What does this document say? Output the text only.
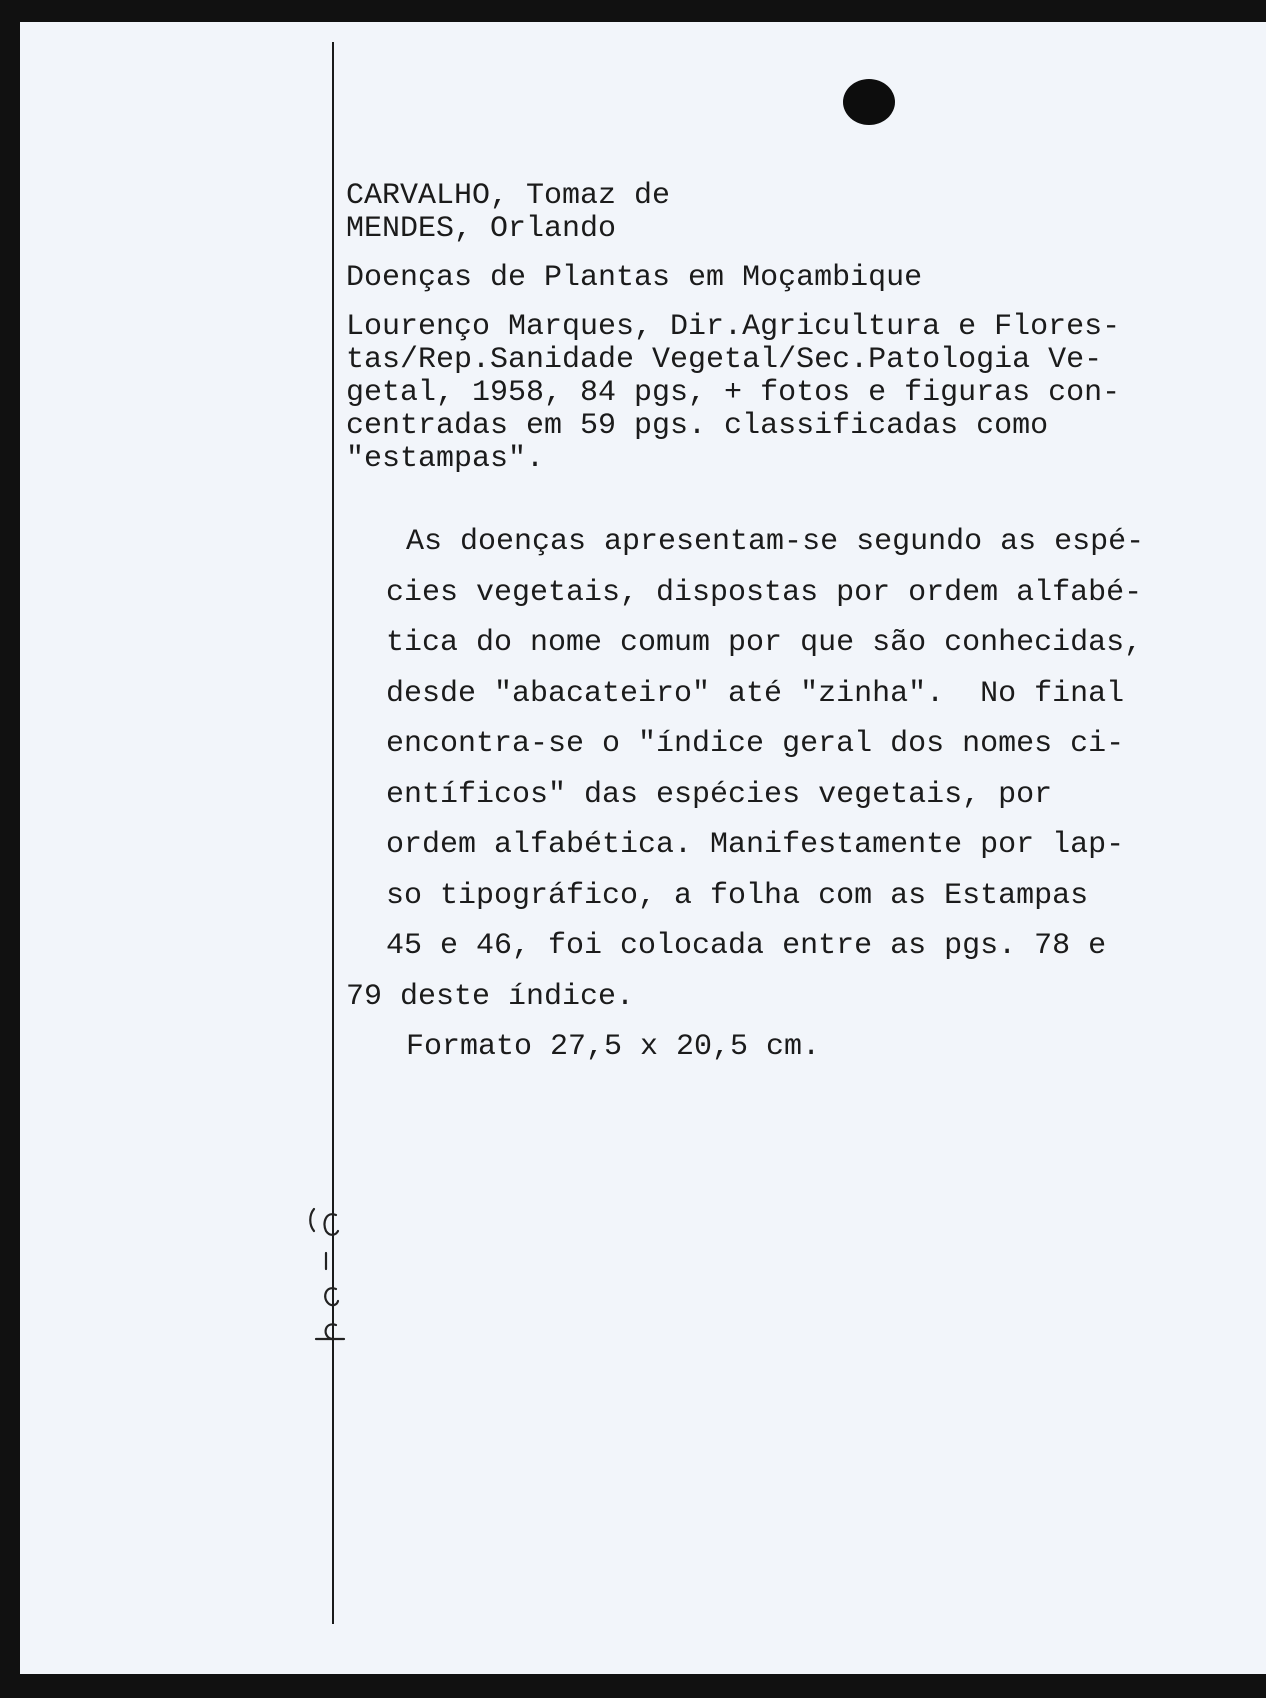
CARVALHO, Tomaz de

MENDES, Orlando

Doenças de Plantas em Moçambique

Lourenço Marques, Dir.Agricultura e Flores-

tas/Rep.Sanidade Vegetal/Sec.Patologia Ve-

getal, 1958, 84 pgs, + fotos e figuras con-

centradas em 59 pgs. classificadas como

"estampas".

As doenças apresentam-se segundo as espé-

cies vegetais, dispostas por ordem alfabé-

tica do nome comum por que são conhecidas,

desde "abacateiro" até "zinha".  No final

encontra-se o "índice geral dos nomes ci-

entíficos" das espécies vegetais, por

ordem alfabética. Manifestamente por lap-

so tipográfico, a folha com as Estampas

45 e 46, foi colocada entre as pgs. 78 e

79 deste índice.

Formato 27,5 x 20,5 cm.
